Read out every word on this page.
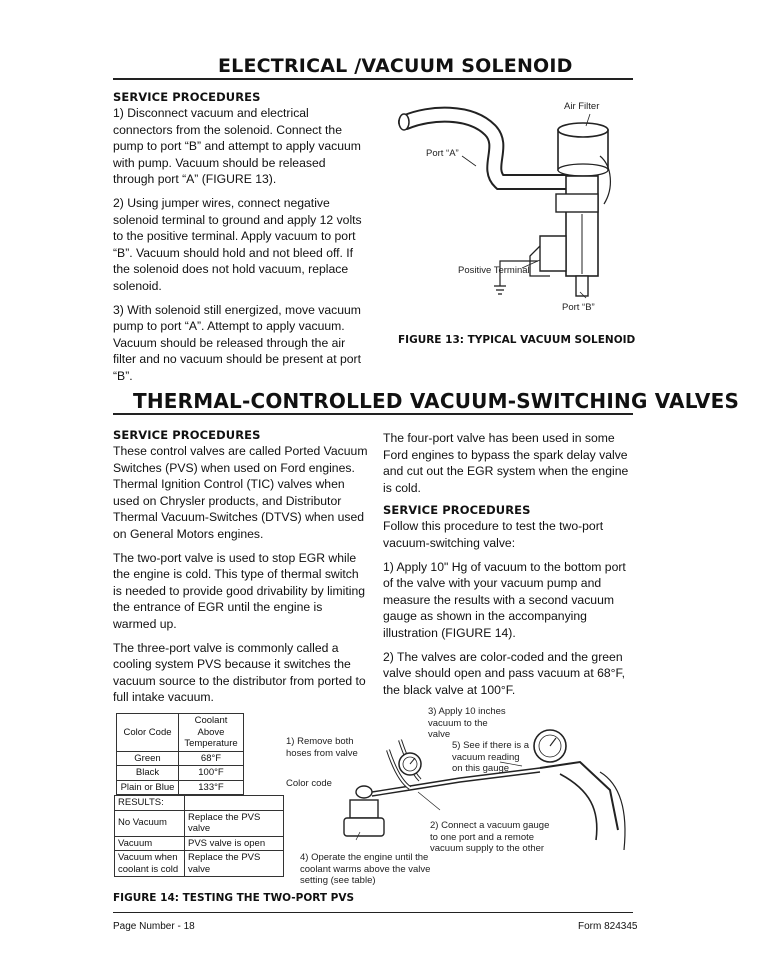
ELECTRICAL /VACUUM SOLENOID
SERVICE PROCEDURES

1) Disconnect vacuum and electrical connectors from the solenoid. Connect the pump to port “B” and attempt to apply vacuum with pump. Vacuum should be released through port “A” (FIGURE 13).

2) Using jumper wires, connect negative solenoid terminal to ground and apply 12 volts to the positive terminal. Apply vacuum to port “B”. Vacuum should hold and not bleed off. If the solenoid does not hold vacuum, replace solenoid.

3) With solenoid still energized, move vacuum pump to port “A”. Attempt to apply vacuum. Vacuum should be released through the air filter and no vacuum should be present at port “B”.

Air Filter
Port “A”
Positive Terminal
Port “B”
FIGURE 13: TYPICAL VACUUM SOLENOID
THERMAL-CONTROLLED VACUUM-SWITCHING VALVES
SERVICE PROCEDURES

These control valves are called Ported Vacuum Switches (PVS) when used on Ford engines. Thermal Ignition Control (TIC) valves when used on Chrysler products, and Distributor Thermal Vacuum-Switches (DTVS) when used on General Motors engines.

The two-port valve is used to stop EGR while the engine is cold. This type of thermal switch is needed to provide good drivability by limiting the entrance of EGR until the engine is warmed up.

The three-port valve is commonly called a cooling system PVS because it switches the vacuum source to the distributor from ported to full intake vacuum.

The four-port valve has been used in some Ford engines to bypass the spark delay valve and cut out the EGR system when the engine is cold.

SERVICE PROCEDURES

Follow this procedure to test the two-port vacuum-switching valve:

1) Apply 10" Hg of vacuum to the bottom port of the valve with your vacuum pump and measure the results with a second vacuum gauge as shown in the accompanying illustration (FIGURE 14).

2) The valves are color-coded and the green valve should open and pass vacuum at 68°F, the black valve at 100°F.

Color Code	Coolant Above Temperature
Green	68°F
Black	100°F
Plain or Blue	133°F
RESULTS:	
No Vacuum	Replace the PVS valve
Vacuum	PVS valve is open
Vacuum when coolant is cold	Replace the PVS valve
1) Remove both hoses from valve
3) Apply 10 inches vacuum to the valve
5) See if there is a vacuum reading on this gauge
Color code
2) Connect a vacuum gauge to one port and a remote vacuum supply to the other
4) Operate the engine until the coolant warms above the valve setting (see table)
FIGURE 14: TESTING THE TWO-PORT PVS
Page Number - 18	Form 824345
